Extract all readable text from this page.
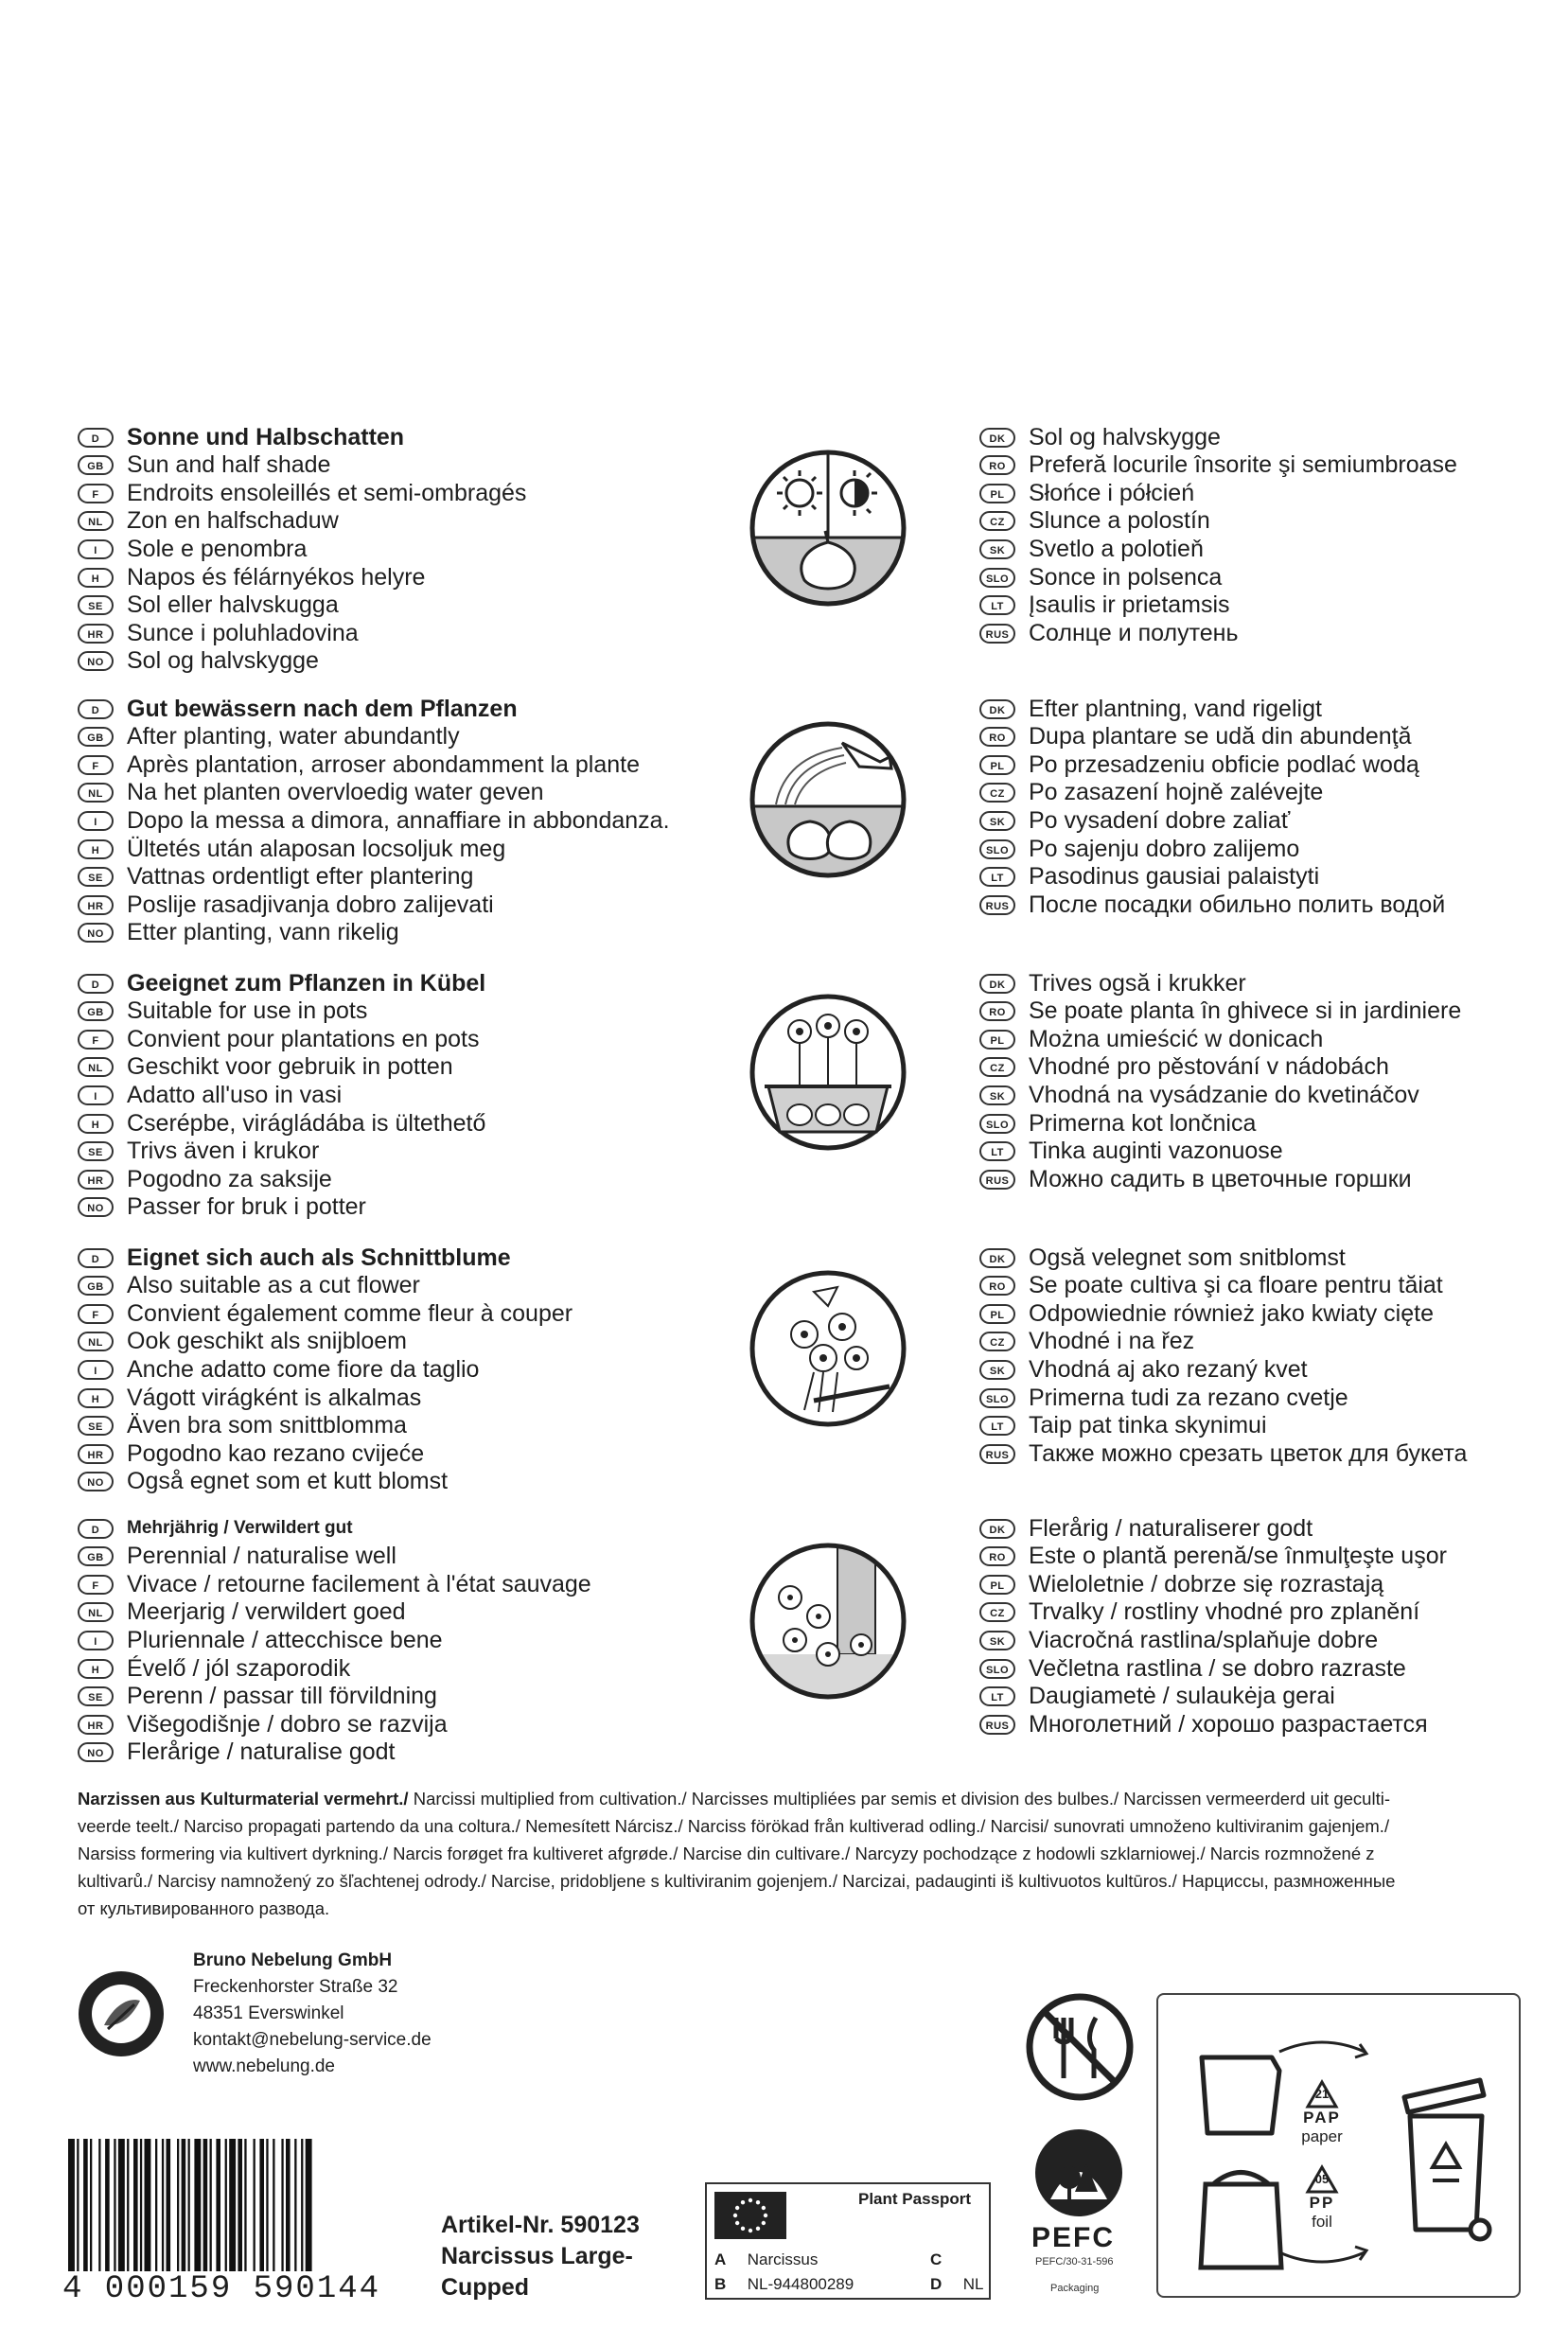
D	Sonne und Halbschatten
GB Sun and half shade
F	Endroits ensoleillés et semi-ombragés
NL	Zon en halfschaduw
I	Sole e penombra
H	Napos és félárnyékos helyre
SE	Sol eller halvskugga
HR Sunce i poluhladovina
NO Sol og halvskygge
D	Gut bewässern nach dem Pflanzen
GB After planting, water abundantly
F	Après plantation, arroser abondamment la plante
NL	Na het planten overvloedig water geven
I	Dopo la messa a dimora, annaffiare in abbondanza.
H	Ültetés után alaposan locsoljuk meg
SE	Vattnas ordentligt efter plantering
HR Poslije rasadjivanja dobro zalijevati
NO Etter planting, vann rikelig
D	Geeignet zum Pflanzen in Kübel
GB Suitable for use in pots
F	Convient pour plantations en pots
NL	Geschikt voor gebruik in potten
I	Adatto all'uso in vasi
H	Cserépbe, virágládába is ültethető
SE	Trivs även i krukor
HR Pogodno za saksije
NO Passer for bruk i potter
D	Eignet sich auch als Schnittblume
GB Also suitable as a cut flower
F	Convient également comme fleur à couper
NL	Ook geschikt als snijbloem
I	Anche adatto come fiore da taglio
H	Vágott virágként is alkalmas
SE	Även bra som snittblomma
HR Pogodno kao rezano cvijeće
NO Også egnet som et kutt blomst
D	Mehrjährig / Verwildert gut
GB Perennial / naturalise well
F	Vivace / retourne facilement à l'état sauvage
NL	Meerjarig / verwildert goed
I	Pluriennale / attecchisce bene
H	Évelő / jól szaporodik
SE	Perenn / passar till förvildning
HR Višegodišnje / dobro se razvija
NO Flerårige / naturalise godt
DK Sol og halvskygge
RO Preferă locurile însorite şi semiumbroase
PL	Słońce i półcień
CZ	Slunce a polostín
SK Svetlo a polotieň
SLO Sonce in polsenca
LT	Įsaulis ir prietamsis
RUS Солнце и полутень
DK Efter plantning, vand rigeligt
RO Dupa plantare se udă din abundenţă
PL	Po przesadzeniu obficie podlać wodą
CZ	Po zasazení hojně zalévejte
SK Po vysadení dobre zaliať
SLO Po sajenju dobro zalijemo
LT	Pasodinus gausiai palaistyti
RUS После посадки обильно полить водой
DK Trives ogsă i krukker
RO Se poate planta în ghivece si in jardiniere
PL	Można umieścić w donicach
CZ	Vhodné pro pěstování v nádobách
SK Vhodná na vysádzanie do kvetináčov
SLO Primerna kot lončnica
LT	Tinka auginti vazonuose
RUS Можно садить в цветочные горшки
DK Ogsă velegnet som snitblomst
RO Se poate cultiva şi ca floare pentru tăiat
PL	Odpowiednie również jako kwiaty cięte
CZ	Vhodné i na řez
SK Vhodná aj ako rezaný kvet
SLO Primerna tudi za rezano cvetje
LT	Taip pat tinka skynimui
RUS Также можно срезать цветок для букета
DK Flerårig / naturaliserer godt
RO Este o plantă perenă/se înmulţeşte uşor
PL	Wieloletnie / dobrze się rozrastają
CZ	Trvalky / rostliny vhodné pro zplanění
SK Viacročná rastlina/splaňuje dobre
SLO Večletna rastlina / se dobro razraste
LT	Daugiametė / sulaukėja gerai
RUS Многолетний / хорошо разрастается
Narzissen aus Kulturmaterial vermehrt./ Narcissi multiplied from cultivation./ Narcisses multipliées par semis et division des bulbes./ Narcissen vermeerderd uit geculti-
veerde teelt./ Narciso propagati partendo da una coltura./ Nemesített Nárcisz./ Narciss förökad från kultiverad odling./ Narcisi/ sunovrati umnoženo kultiviranim gajenjem./
Narsiss formering via kultivert dyrkning./ Narcis forøget fra kultiveret afgrøde./ Narcise din cultivare./ Narcyzy pochodzące z hodowli szklarniowej./ Narcis rozmnožené z
kultivarů./ Narcisy namnožený zo šľachtenej odrody./ Narcise, pridobljene s kultiviranim gojenjem./ Narcizai, padauginti iš kultivuotos kultūros./ Нарциссы, размноженные
от культивированного развода.
SUSTAINABLE SUPPLIER Bruno Nebelung GmbH
Freckenhorster Straße 32
48351 Everswinkel
kontakt@nebelung-service.de
www.nebelung.de
4 000159 590144
Artikel-Nr. 590123
Narcissus Large-
Cupped
Plant Passport
A Narcissus	C
B NL-944800289	D NL
PEFC
PEFC/30-31-596
Packaging
21
PAP
paper
05
PP
foil
